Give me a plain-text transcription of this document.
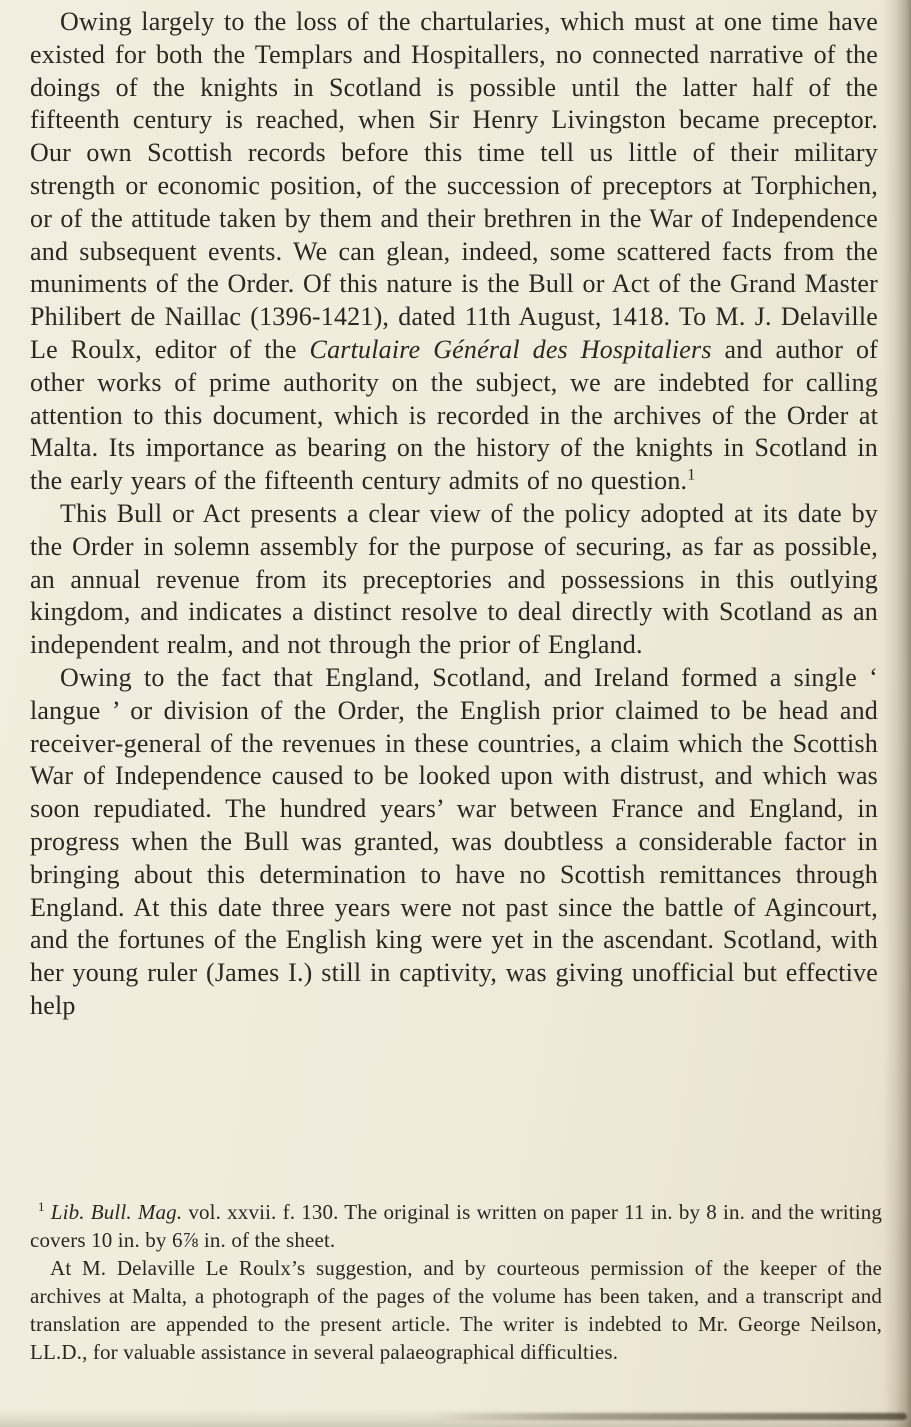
Owing largely to the loss of the chartularies, which must at one time have existed for both the Templars and Hospitallers, no connected narrative of the doings of the knights in Scotland is possible until the latter half of the fifteenth century is reached, when Sir Henry Livingston became preceptor. Our own Scottish records before this time tell us little of their military strength or economic position, of the succession of preceptors at Torphichen, or of the attitude taken by them and their brethren in the War of Independence and subsequent events. We can glean, indeed, some scattered facts from the muniments of the Order. Of this nature is the Bull or Act of the Grand Master Philibert de Naillac (1396-1421), dated 11th August, 1418. To M. J. Delaville Le Roulx, editor of the Cartulaire Général des Hospitaliers and author of other works of prime authority on the subject, we are indebted for calling attention to this document, which is recorded in the archives of the Order at Malta. Its importance as bearing on the history of the knights in Scotland in the early years of the fifteenth century admits of no question.$^1$

This Bull or Act presents a clear view of the policy adopted at its date by the Order in solemn assembly for the purpose of securing, as far as possible, an annual revenue from its preceptories and possessions in this outlying kingdom, and indicates a distinct resolve to deal directly with Scotland as an independent realm, and not through the prior of England.

Owing to the fact that England, Scotland, and Ireland formed a single ‘ langue ’ or division of the Order, the English prior claimed to be head and receiver-general of the revenues in these countries, a claim which the Scottish War of Independence caused to be looked upon with distrust, and which was soon repudiated. The hundred years’ war between France and England, in progress when the Bull was granted, was doubtless a considerable factor in bringing about this determination to have no Scottish remittances through England. At this date three years were not past since the battle of Agincourt, and the fortunes of the English king were yet in the ascendant. Scotland, with her young ruler (James I.) still in captivity, was giving unofficial but effective help

$^1$ Lib. Bull. Mag. vol. xxvii. f. 130. The original is written on paper 11 in. by 8 in. and the writing covers 10 in. by 6⅞ in. of the sheet.

At M. Delaville Le Roulx’s suggestion, and by courteous permission of the keeper of the archives at Malta, a photograph of the pages of the volume has been taken, and a transcript and translation are appended to the present article. The writer is indebted to Mr. George Neilson, LL.D., for valuable assistance in several palaeographical difficulties.
